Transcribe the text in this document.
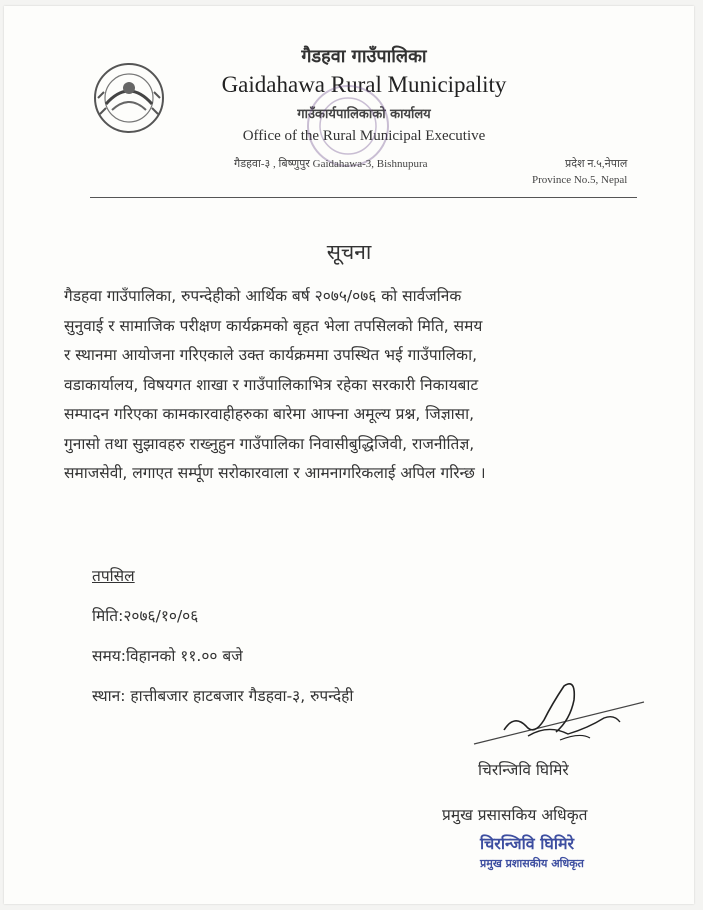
गैडहवा गाउँपालिका
Gaidahawa Rural Municipality
गाउँकार्यपालिकाको कार्यालय
Office of the Rural Municipal Executive
गैडहवा-३ , बिष्णुपुर Gaidahawa-3, Bishnupura	प्रदेश न.५,नेपाल
Province No.5, Nepal
सूचना
गैडहवा गाउँपालिका, रुपन्देहीको आर्थिक बर्ष २०७५/०७६ को सार्वजनिक
सुनुवाई र सामाजिक परीक्षण कार्यक्रमको बृहत भेला तपसिलको मिति, समय
र स्थानमा आयोजना गरिएकाले उक्त कार्यक्रममा उपस्थित भई गाउँपालिका,
वडाकार्यालय, विषयगत शाखा र गाउँपालिकाभित्र रहेका सरकारी निकायबाट
सम्पादन गरिएका कामकारवाहीहरुका बारेमा आफ्ना अमूल्य प्रश्न, जिज्ञासा,
गुनासो तथा सुझावहरु राख्नुहुन गाउँपालिका निवासीबुद्धिजिवी, राजनीतिज्ञ,
समाजसेवी, लगाएत सर्म्पूण सरोकारवाला र आमनागरिकलाई अपिल गरिन्छ ।
तपसिल
मिति:२०७६/१०/०६
समय:विहानको ११.०० बजे
स्थान: हात्तीबजार हाटबजार गैडहवा-३, रुपन्देही
चिरन्जिवि घिमिरे
प्रमुख प्रसासकिय अधिकृत
चिरन्जिवि घिमिरे
प्रमुख प्रशासकीय अधिकृत
